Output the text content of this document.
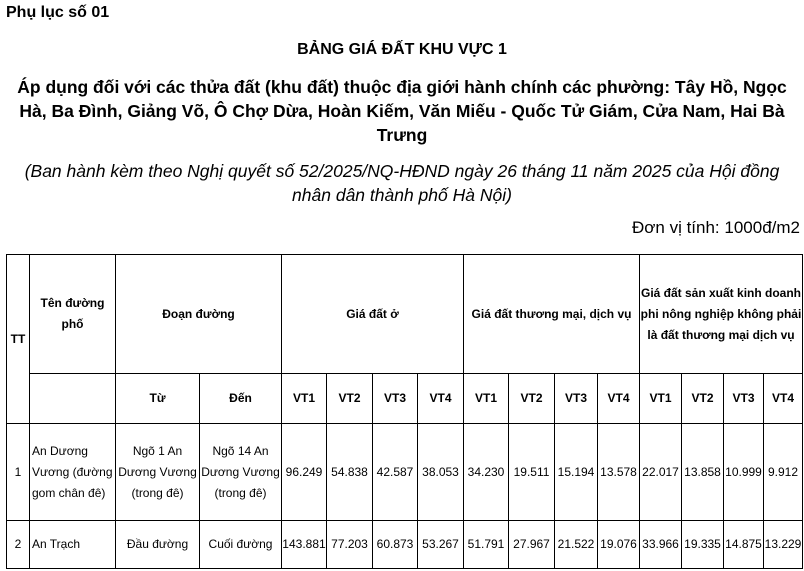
Phụ lục số 01
BẢNG GIÁ ĐẤT KHU VỰC 1
Áp dụng đối với các thửa đất (khu đất) thuộc địa giới hành chính các phường: Tây Hồ, Ngọc Hà, Ba Đình, Giảng Võ, Ô Chợ Dừa, Hoàn Kiếm, Văn Miếu - Quốc Tử Giám, Cửa Nam, Hai Bà Trưng
(Ban hành kèm theo Nghị quyết số 52/2025/NQ-HĐND ngày 26 tháng 11 năm 2025 của Hội đồng nhân dân thành phố Hà Nội)
Đơn vị tính: 1000đ/m2
TT	Tên đường phố	Đoạn đường		Giá đất ở				Giá đất thương mại, dịch vụ				Giá đất sản xuất kinh doanh phi nông nghiệp không phải là đất thương mại dịch vụ			
		Từ	Đến	VT1	VT2	VT3	VT4	VT1	VT2	VT3	VT4	VT1	VT2	VT3	VT4
1	An Dương Vương (đường gom chân đê)	Ngõ 1 An Dương Vương (trong đê)	Ngõ 14 An Dương Vương (trong đê)	96.249	54.838	42.587	38.053	34.230	19.511	15.194	13.578	22.017	13.858	10.999	9.912
2	An Trạch	Đầu đường	Cuối đường	143.881	77.203	60.873	53.267	51.791	27.967	21.522	19.076	33.966	19.335	14.875	13.229
